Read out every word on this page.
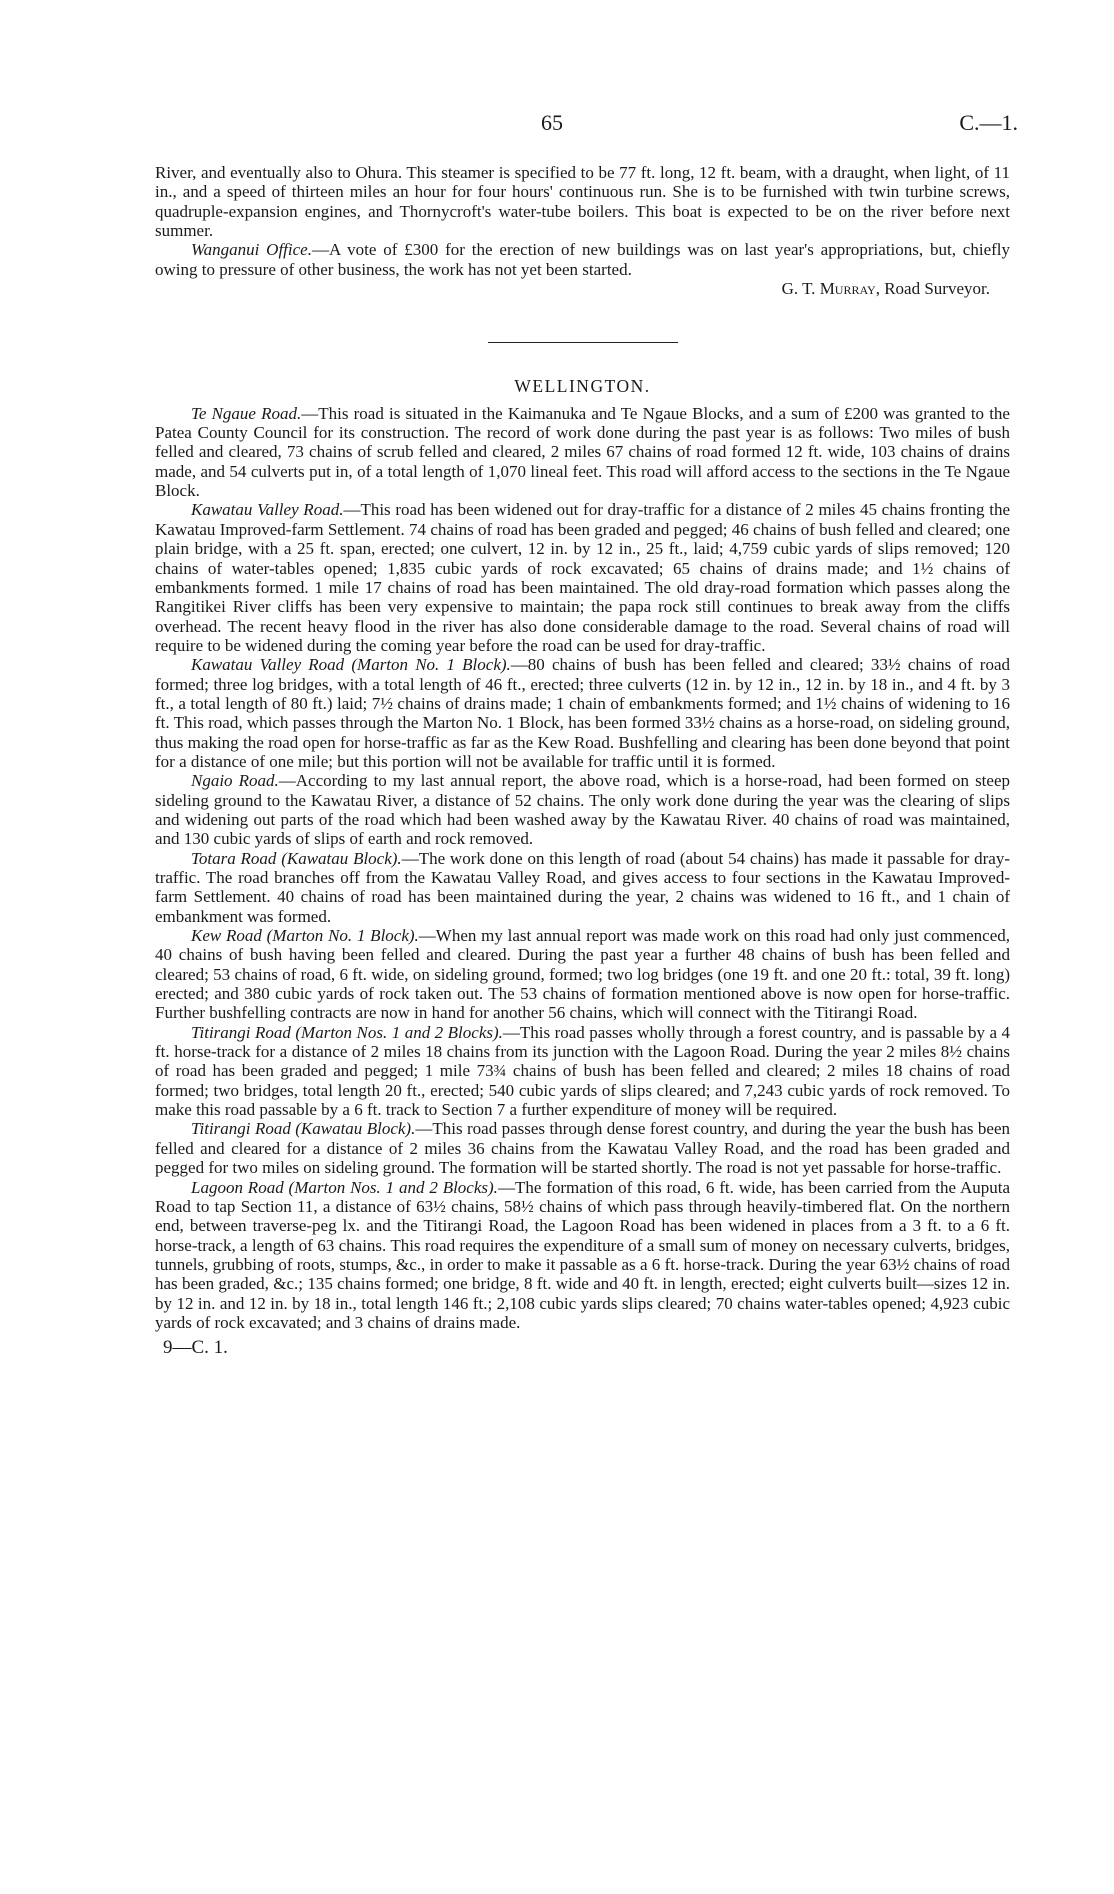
65	C.—1.

River, and eventually also to Ohura. This steamer is specified to be 77 ft. long, 12 ft. beam, with a draught, when light, of 11 in., and a speed of thirteen miles an hour for four hours' continuous run. She is to be furnished with twin turbine screws, quadruple-expansion engines, and Thornycroft's water-tube boilers. This boat is expected to be on the river before next summer.

Wanganui Office.—A vote of £300 for the erection of new buildings was on last year's appropriations, but, chiefly owing to pressure of other business, the work has not yet been started.

G. T. Murray, Road Surveyor.

WELLINGTON.

Te Ngaue Road.—This road is situated in the Kaimanuka and Te Ngaue Blocks, and a sum of £200 was granted to the Patea County Council for its construction. The record of work done during the past year is as follows: Two miles of bush felled and cleared, 73 chains of scrub felled and cleared, 2 miles 67 chains of road formed 12 ft. wide, 103 chains of drains made, and 54 culverts put in, of a total length of 1,070 lineal feet. This road will afford access to the sections in the Te Ngaue Block.

Kawatau Valley Road.—This road has been widened out for dray-traffic for a distance of 2 miles 45 chains fronting the Kawatau Improved-farm Settlement. 74 chains of road has been graded and pegged; 46 chains of bush felled and cleared; one plain bridge, with a 25 ft. span, erected; one culvert, 12 in. by 12 in., 25 ft., laid; 4,759 cubic yards of slips removed; 120 chains of water-tables opened; 1,835 cubic yards of rock excavated; 65 chains of drains made; and 1½ chains of embankments formed. 1 mile 17 chains of road has been maintained. The old dray-road formation which passes along the Rangitikei River cliffs has been very expensive to maintain; the papa rock still continues to break away from the cliffs overhead. The recent heavy flood in the river has also done considerable damage to the road. Several chains of road will require to be widened during the coming year before the road can be used for dray-traffic.

Kawatau Valley Road (Marton No. 1 Block).—80 chains of bush has been felled and cleared; 33½ chains of road formed; three log bridges, with a total length of 46 ft., erected; three culverts (12 in. by 12 in., 12 in. by 18 in., and 4 ft. by 3 ft., a total length of 80 ft.) laid; 7½ chains of drains made; 1 chain of embankments formed; and 1½ chains of widening to 16 ft. This road, which passes through the Marton No. 1 Block, has been formed 33½ chains as a horse-road, on sideling ground, thus making the road open for horse-traffic as far as the Kew Road. Bushfelling and clearing has been done beyond that point for a distance of one mile; but this portion will not be available for traffic until it is formed.

Ngaio Road.—According to my last annual report, the above road, which is a horse-road, had been formed on steep sideling ground to the Kawatau River, a distance of 52 chains. The only work done during the year was the clearing of slips and widening out parts of the road which had been washed away by the Kawatau River. 40 chains of road was maintained, and 130 cubic yards of slips of earth and rock removed.

Totara Road (Kawatau Block).—The work done on this length of road (about 54 chains) has made it passable for dray-traffic. The road branches off from the Kawatau Valley Road, and gives access to four sections in the Kawatau Improved-farm Settlement. 40 chains of road has been maintained during the year, 2 chains was widened to 16 ft., and 1 chain of embankment was formed.

Kew Road (Marton No. 1 Block).—When my last annual report was made work on this road had only just commenced, 40 chains of bush having been felled and cleared. During the past year a further 48 chains of bush has been felled and cleared; 53 chains of road, 6 ft. wide, on sideling ground, formed; two log bridges (one 19 ft. and one 20 ft.: total, 39 ft. long) erected; and 380 cubic yards of rock taken out. The 53 chains of formation mentioned above is now open for horse-traffic. Further bushfelling contracts are now in hand for another 56 chains, which will connect with the Titirangi Road.

Titirangi Road (Marton Nos. 1 and 2 Blocks).—This road passes wholly through a forest country, and is passable by a 4 ft. horse-track for a distance of 2 miles 18 chains from its junction with the Lagoon Road. During the year 2 miles 8½ chains of road has been graded and pegged; 1 mile 73¾ chains of bush has been felled and cleared; 2 miles 18 chains of road formed; two bridges, total length 20 ft., erected; 540 cubic yards of slips cleared; and 7,243 cubic yards of rock removed. To make this road passable by a 6 ft. track to Section 7 a further expenditure of money will be required.

Titirangi Road (Kawatau Block).—This road passes through dense forest country, and during the year the bush has been felled and cleared for a distance of 2 miles 36 chains from the Kawatau Valley Road, and the road has been graded and pegged for two miles on sideling ground. The formation will be started shortly. The road is not yet passable for horse-traffic.

Lagoon Road (Marton Nos. 1 and 2 Blocks).—The formation of this road, 6 ft. wide, has been carried from the Auputa Road to tap Section 11, a distance of 63½ chains, 58½ chains of which pass through heavily-timbered flat. On the northern end, between traverse-peg lx. and the Titirangi Road, the Lagoon Road has been widened in places from a 3 ft. to a 6 ft. horse-track, a length of 63 chains. This road requires the expenditure of a small sum of money on necessary culverts, bridges, tunnels, grubbing of roots, stumps, &c., in order to make it passable as a 6 ft. horse-track. During the year 63½ chains of road has been graded, &c.; 135 chains formed; one bridge, 8 ft. wide and 40 ft. in length, erected; eight culverts built—sizes 12 in. by 12 in. and 12 in. by 18 in., total length 146 ft.; 2,108 cubic yards slips cleared; 70 chains water-tables opened; 4,923 cubic yards of rock excavated; and 3 chains of drains made.

9—C. 1.
